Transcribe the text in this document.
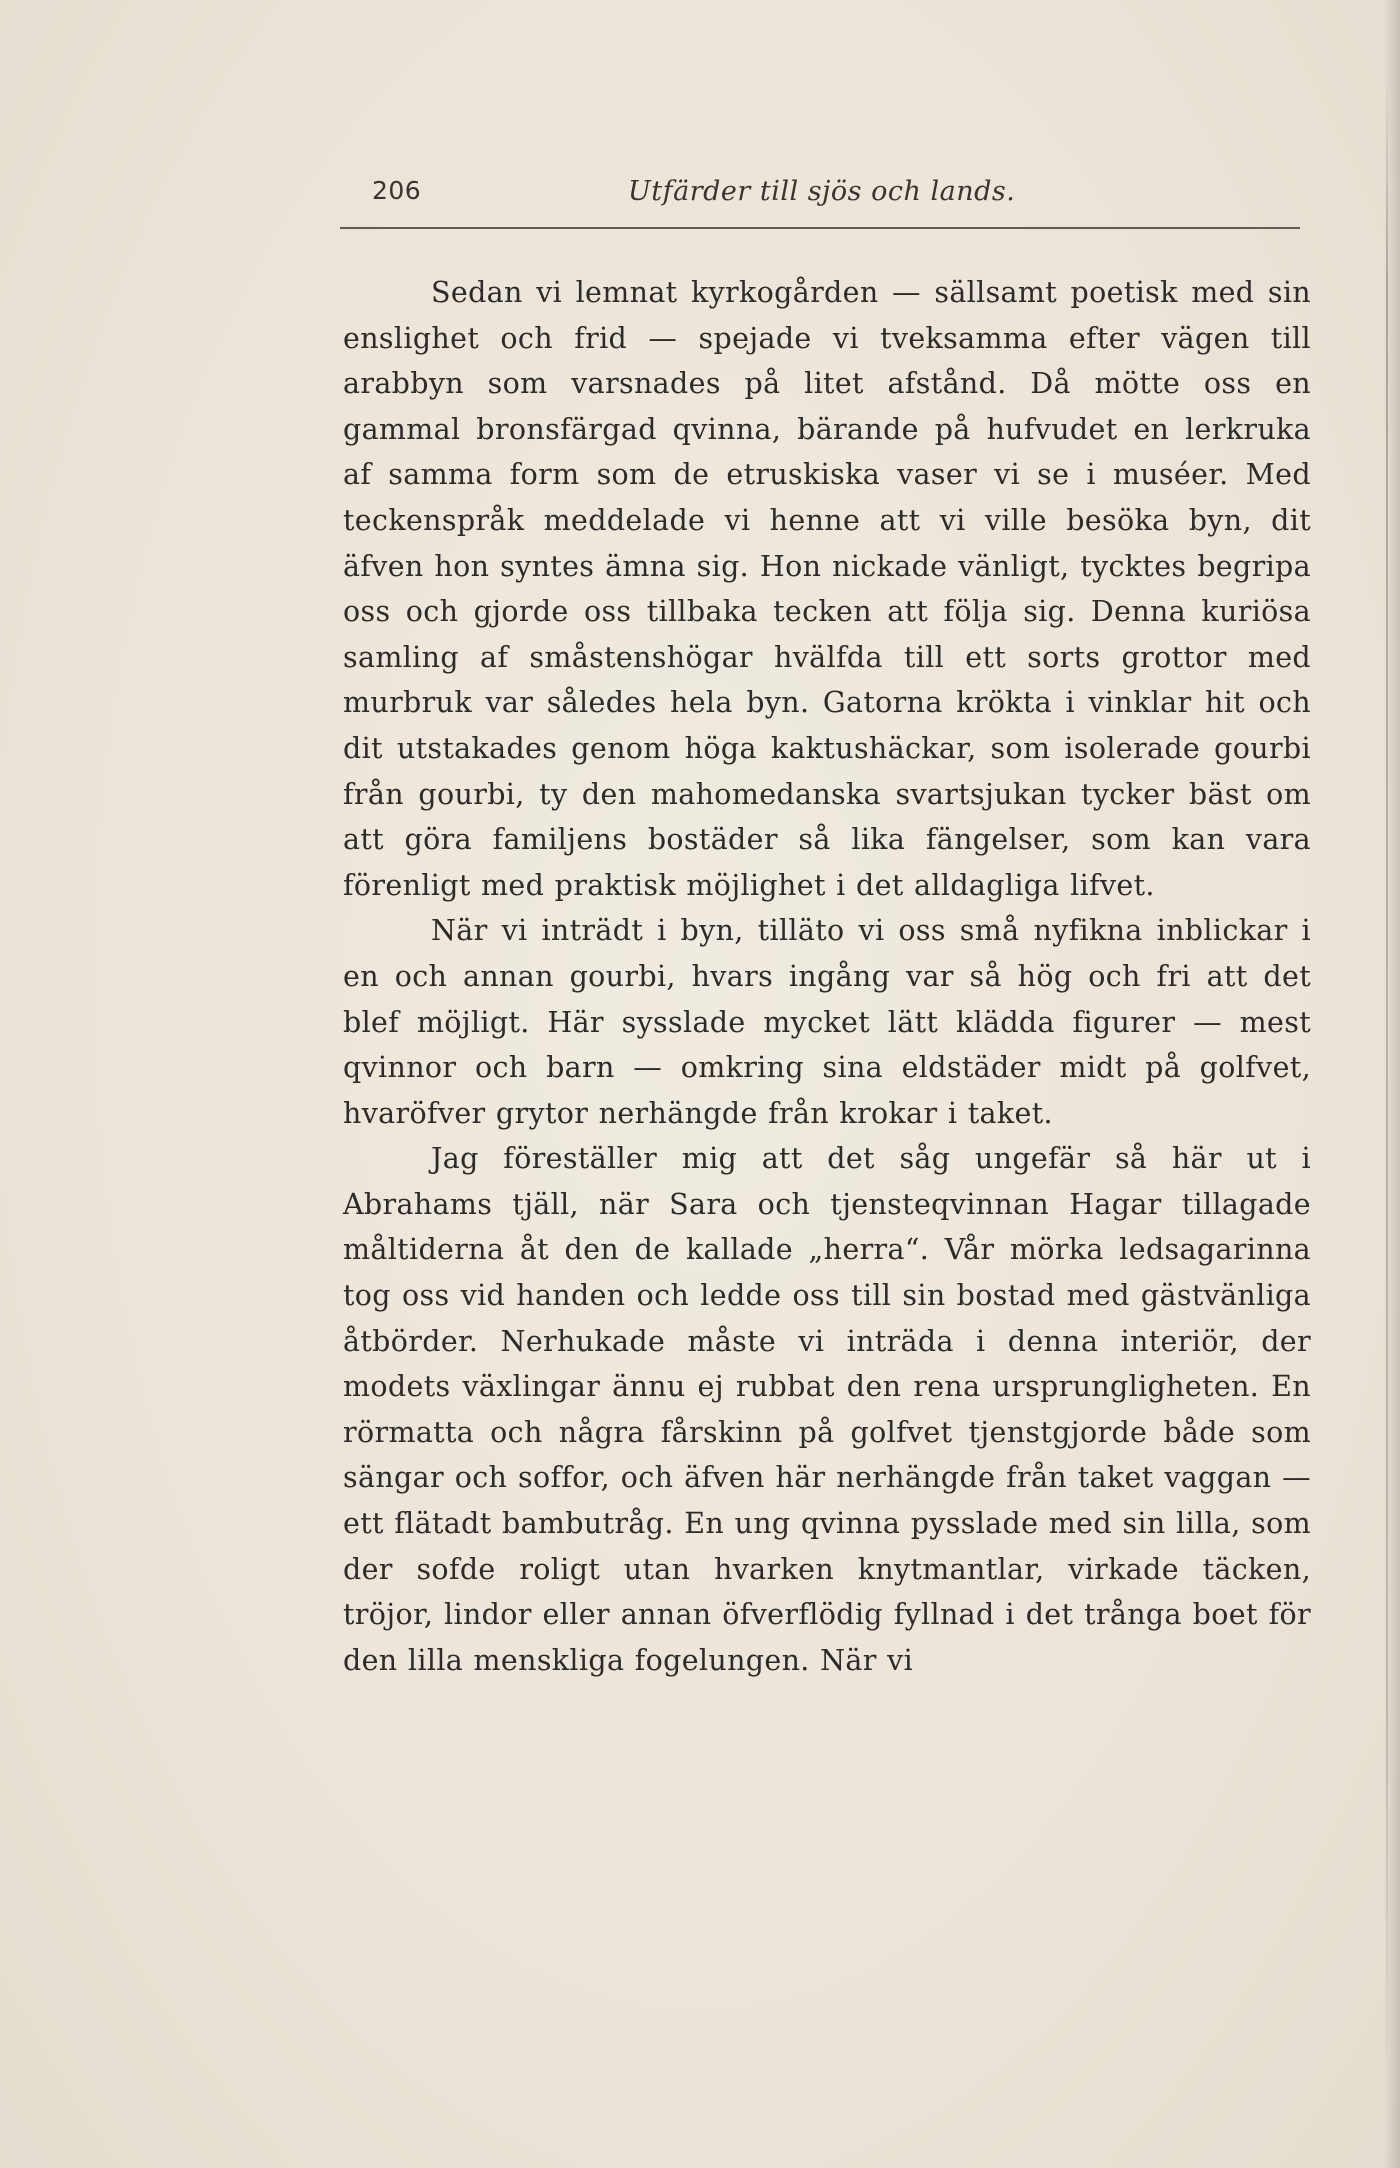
206	Utfärder till sjös och lands.

Sedan vi lemnat kyrkogården — sällsamt poetisk med sin enslighet och frid — spejade vi tveksamma efter vägen till arabbyn som varsnades på litet afstånd. Då mötte oss en gammal bronsfärgad qvinna, bärande på hufvudet en lerkruka af samma form som de etruskiska vaser vi se i muséer. Med teckenspråk meddelade vi henne att vi ville besöka byn, dit äfven hon syntes ämna sig. Hon nickade vänligt, tycktes begripa oss och gjorde oss tillbaka tecken att följa sig. Denna kuriösa samling af småstenshögar hvälfda till ett sorts grottor med murbruk var således hela byn. Gatorna krökta i vinklar hit och dit utstakades genom höga kaktushäckar, som isolerade gourbi från gourbi, ty den mahomedanska svartsjukan tycker bäst om att göra familjens bostäder så lika fängelser, som kan vara förenligt med praktisk möjlighet i det alldagliga lifvet.

När vi inträdt i byn, tilläto vi oss små nyfikna inblickar i en och annan gourbi, hvars ingång var så hög och fri att det blef möjligt. Här sysslade mycket lätt klädda figurer — mest qvinnor och barn — omkring sina eldstäder midt på golfvet, hvaröfver grytor nerhängde från krokar i taket.

Jag föreställer mig att det såg ungefär så här ut i Abrahams tjäll, när Sara och tjensteqvinnan Hagar tillagade måltiderna åt den de kallade „herra“. Vår mörka ledsagarinna tog oss vid handen och ledde oss till sin bostad med gästvänliga åtbörder. Nerhukade måste vi inträda i denna interiör, der modets växlingar ännu ej rubbat den rena ursprungligheten. En rörmatta och några fårskinn på golfvet tjenstgjorde både som sängar och soffor, och äfven här nerhängde från taket vaggan — ett flätadt bambutråg. En ung qvinna pysslade med sin lilla, som der sofde roligt utan hvarken knytmantlar, virkade täcken, tröjor, lindor eller annan öfverflödig fyllnad i det trånga boet för den lilla menskliga fogelungen. När vi
